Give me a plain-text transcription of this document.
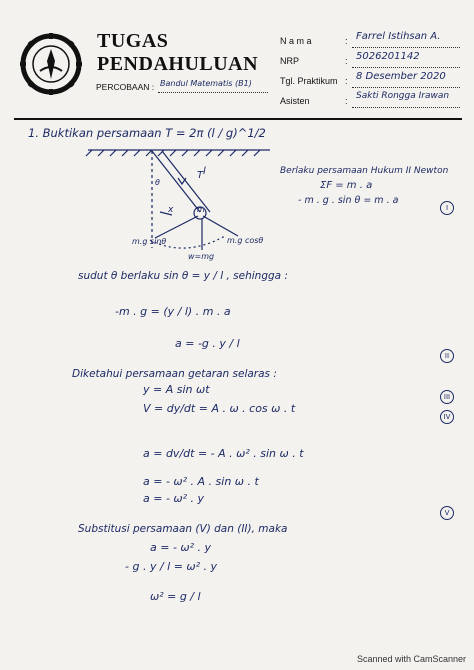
TUGAS
PENDAHULUAN
PERCOBAAN : Bandul Matematis (B1)
N a m a	: Farrel Istihsan A.
NRP	: 5026201142
Tgl. Praktikum : 8 Desember 2020
Asisten	: Sakti Rongga Irawan
T l
m
x
θ
m.g sinθ	m.g cosθ
w=mg
1. Buktikan persamaan T = 2π (l / g)^1/2
Berlaku persamaan Hukum II Newton
ΣF = m . a
- m . g . sin θ = m . a
I
sudut θ berlaku sin θ = y / l , sehingga :
-m . g = (y / l) . m . a
a = -g . y / l
II
Diketahui persamaan getaran selaras :
y = A sin ωt
III
V = dy/dt = A . ω . cos ω . t
IV
a = dv/dt = - A . ω² . sin ω . t
a = - ω² . A . sin ω . t
a = - ω² . y
V
Substitusi persamaan (V) dan (II), maka
a = - ω² . y
- g . y / l = ω² . y
ω² = g / l
Scanned with CamScanner
